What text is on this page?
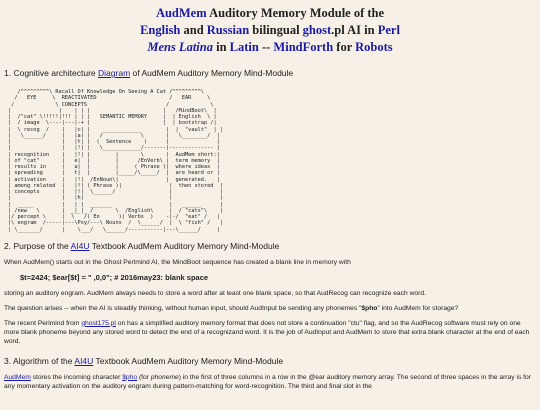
AudMem Auditory Memory Module of the
English and Russian bilingual ghost.pl AI in Perl
Mens Latina in Latin -- MindForth for Robots
1. Cognitive architecture Diagram of AudMem Auditory Memory Mind-Module
/^^^^^^^^^\ Recall Of Knowledge On Seeing A Cat /^^^^^^^^^\
/   EYE     \  REACTIVATED                       /   EAR     \
/             \ CONCEPTS                         /             \
|               |    | | |                       |   /MindBoot\  |
|  /"cat" \!!!!!|!!! | | |   SEMANTIC MEMORY     |  | English  \ |
|  / image  \----|---|-+ |                       |  | bootstrap /|
|  \ recog  /    |   |c| |    ____________        |  |  "vault"  | |
|   \______/     |   |a| |   /            \       |   \________/  |
|                |   |t| |  (  Sentence    )      |               |
|                |   |!| |   \____________/-------|-------------- |
| recognition    |   |!| |        |       \       |  AudMem short:|
| of "cat"       |   e|  |        |      /EnVerb\ |  term memory  |
| results in     |   a|  |        |     ( Phrase )|  where ideas  |
| spreading      |   t|  |        |_____/\_____/  |  are heard or |
| activation     |   |!|  /EnNoun\|               |  generated.   |
| among related  |   |!| ( Phrase )|               |  then stored  |
| concepts       |   |!|  \______/                 |               |
|                |   |h|                           |               |
|  _____         |   | |  _______                  |   ______      |
| /new   \       |  _|_|_ /       \  /English\     |  / "cats"\    |
|/ percept \     |  \   /( En      )( Verbs  )    -|-/  "eat" /   |
|\ engram  /-----|---\Psy/---\ Nouns  /  \______/  |  \ "fish" /   |
| \_______/      |    \___/   \______/-----------|---\______/     |
2. Purpose of the AI4U Textbook AudMem Auditory Memory Mind-Module

When AudMem() starts out in the Ghost Perlmind AI, the MindBoot sequence has created a blank line in memory with

$t=2424; $ear[$t] = " ,0,0"; # 2016may23: blank space

storing an auditory engram. AudMem always needs to store a word after at least one blank space, so that AudRecog can recognize each word.

The question arises -- when the AI is steadily thinking, without human input, should AudInput be sending any phonemes "$pho" into AudMem for storage?

The recent Perlmind from ghost175.pl on has a simplified auditory memory format that does not store a continuation "ctu" flag, and so the AudRecog software must rely on one more blank phoneme beyond any stored word to detect the end of a recognizand word. It is the job of AudInput and AudMem to store that extra blank character at the end of each word.

3. Algorithm of the AI4U Textbook AudMem Auditory Memory Mind-Module

AudMem stores the incoming character $pho (for phoneme) in the first of three columns in a row in the @ear auditory memory array. The second of three spaces in the array is for any momentary activation on the auditory engram during pattern-matching for word-recognition. The third and final slot in the
